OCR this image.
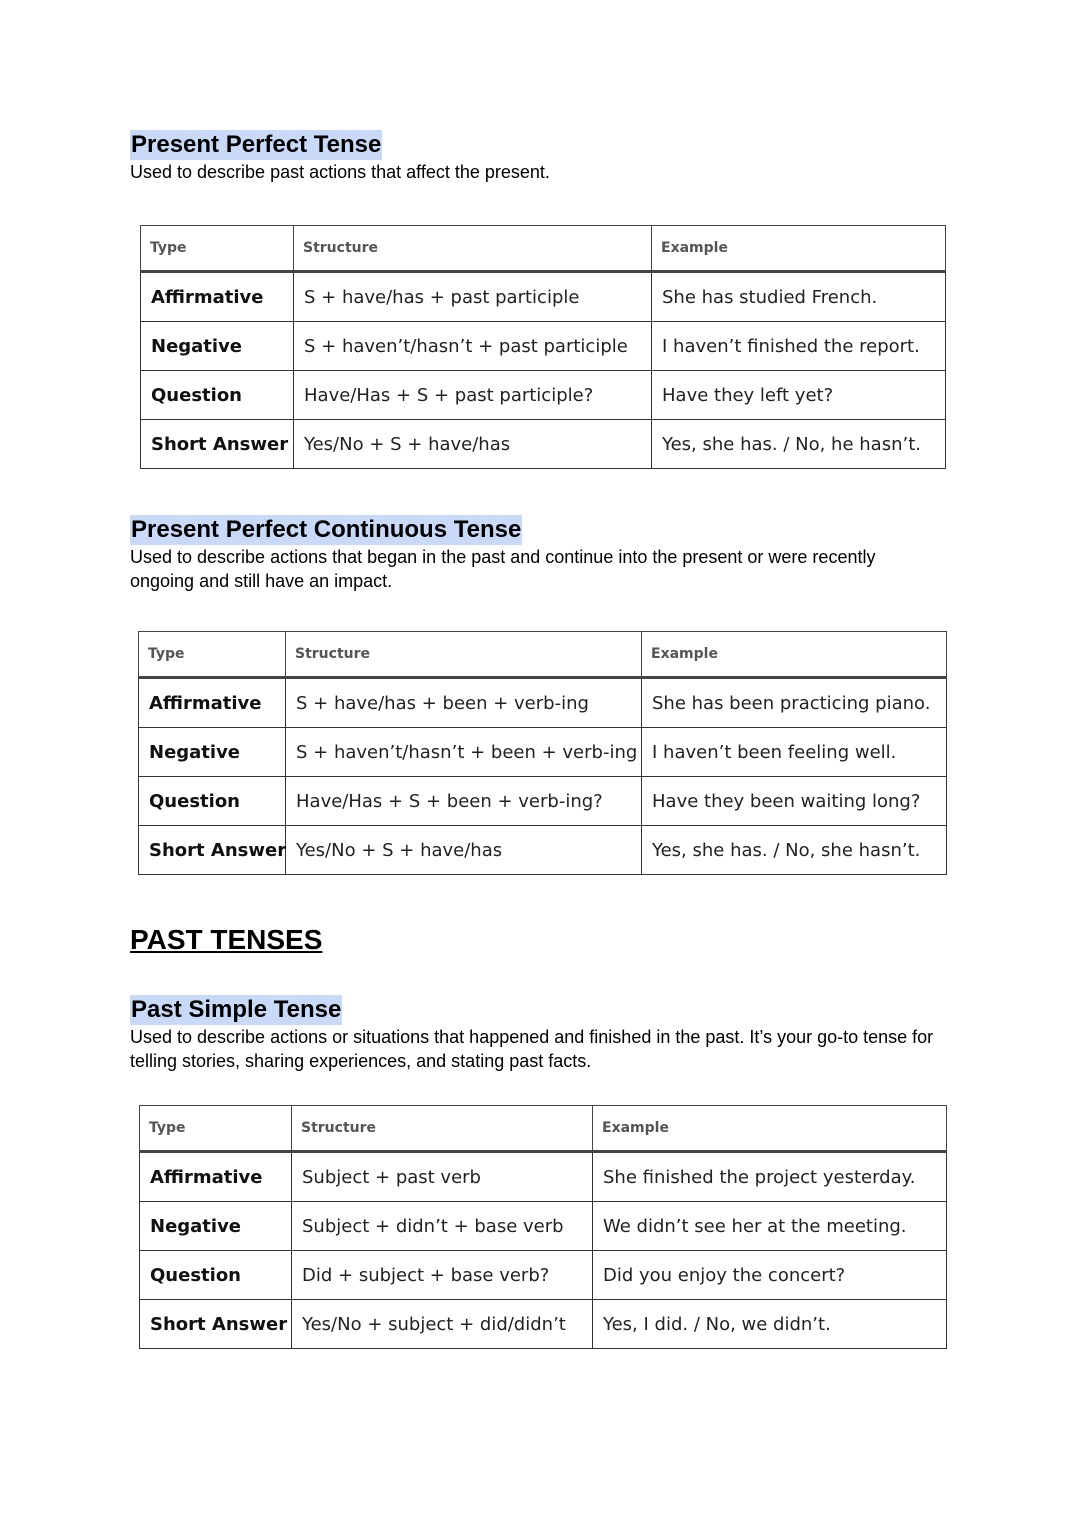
Present Perfect Tense

Used to describe past actions that affect the present.

Type	Structure	Example
Affirmative	S + have/has + past participle	She has studied French.
Negative	S + haven’t/hasn’t + past participle	I haven’t finished the report.
Question	Have/Has + S + past participle?	Have they left yet?
Short Answer	Yes/No + S + have/has	Yes, she has. / No, he hasn’t.
Present Perfect Continuous Tense

Used to describe actions that began in the past and continue into the present or were recently

ongoing and still have an impact.

Type	Structure	Example
Affirmative	S + have/has + been + verb-ing	She has been practicing piano.
Negative	S + haven’t/hasn’t + been + verb-ing	I haven’t been feeling well.
Question	Have/Has + S + been + verb-ing?	Have they been waiting long?
Short Answer	Yes/No + S + have/has	Yes, she has. / No, she hasn’t.
PAST TENSES
Past Simple Tense

Used to describe actions or situations that happened and finished in the past. It’s your go-to tense for

telling stories, sharing experiences, and stating past facts.

Type	Structure	Example
Affirmative	Subject + past verb	She finished the project yesterday.
Negative	Subject + didn’t + base verb	We didn’t see her at the meeting.
Question	Did + subject + base verb?	Did you enjoy the concert?
Short Answer	Yes/No + subject + did/didn’t	Yes, I did. / No, we didn’t.
